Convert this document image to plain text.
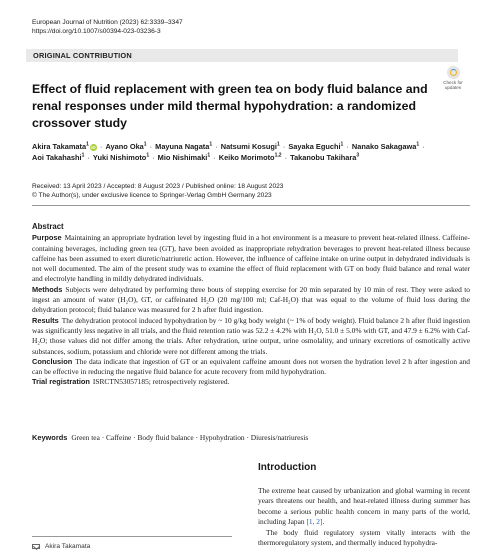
European Journal of Nutrition (2023) 62:3339–3347
https://doi.org/10.1007/s00394-023-03236-3
ORIGINAL CONTRIBUTION
Check for
updates
Effect of fluid replacement with green tea on body fluid balance and renal responses under mild thermal hypohydration: a randomized crossover study
Akira Takamata$^1$ iD · Ayano Oka$^1$ · Mayuna Nagata$^1$ · Natsumi Kosugi$^1$ · Sayaka Eguchi$^1$ · Nanako Sakagawa$^1$ · Aoi Takahashi$^1$ · Yuki Nishimoto$^1$ · Mio Nishimaki$^1$ · Keiko Morimoto$^{1,2}$ · Takanobu Takihara$^3$
Received: 13 April 2023 / Accepted: 8 August 2023 / Published online: 18 August 2023
© The Author(s), under exclusive licence to Springer-Verlag GmbH Germany 2023
Abstract

Purpose Maintaining an appropriate hydration level by ingesting fluid in a hot environment is a measure to prevent heat-related illness. Caffeine-containing beverages, including green tea (GT), have been avoided as inappropriate rehydration beverages to prevent heat-related illness because caffeine has been assumed to exert diuretic/natriuretic action. However, the influence of caffeine intake on urine output in dehydrated individuals is not well documented. The aim of the present study was to examine the effect of fluid replacement with GT on body fluid balance and renal water and electrolyte handling in mildly dehydrated individuals.

Methods Subjects were dehydrated by performing three bouts of stepping exercise for 20 min separated by 10 min of rest. They were asked to ingest an amount of water (H₂O), GT, or caffeinated H₂O (20 mg/100 ml; Caf-H₂O) that was equal to the volume of fluid loss during the dehydration protocol; fluid balance was measured for 2 h after fluid ingestion.

Results The dehydration protocol induced hypohydration by ~ 10 g/kg body weight (~ 1% of body weight). Fluid balance 2 h after fluid ingestion was significantly less negative in all trials, and the fluid retention ratio was 52.2 ± 4.2% with H₂O, 51.0 ± 5.0% with GT, and 47.9 ± 6.2% with Caf-H₂O; those values did not differ among the trials. After rehydration, urine output, urine osmolality, and urinary excretions of osmotically active substances, sodium, potassium and chloride were not different among the trials.

Conclusion The data indicate that ingestion of GT or an equivalent caffeine amount does not worsen the hydration level 2 h after ingestion and can be effective in reducing the negative fluid balance for acute recovery from mild hypohydration.

Trial registration ISRCTN53057185; retrospectively registered.

Keywords Green tea · Caffeine · Body fluid balance · Hypohydration · Diuresis/natriuresis
Introduction

The extreme heat caused by urbanization and global warming in recent years threatens our health, and heat-related illness during summer has become a serious public health concern in many parts of the world, including Japan [1, 2].

The body fluid regulatory system vitally interacts with the thermoregulatory system, and thermally induced hypohydra-

Akira Takamata
